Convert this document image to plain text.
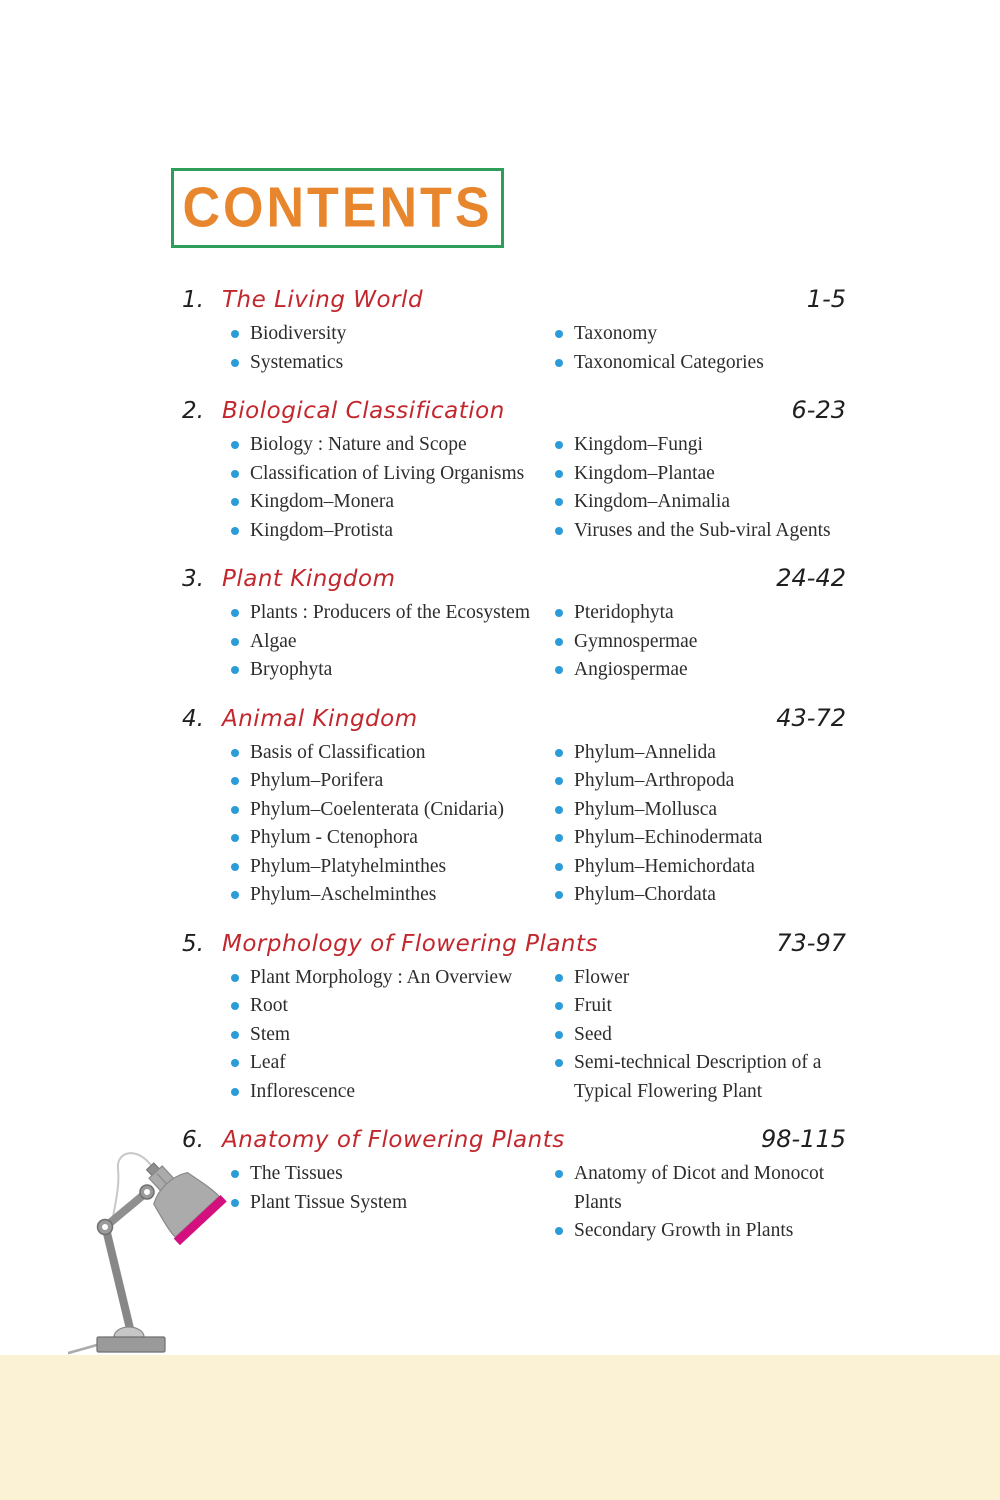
CONTENTS
1. The Living World	1-5
Biodiversity
Systematics
Taxonomy
Taxonomical Categories
2. Biological Classification	6-23
Biology : Nature and Scope
Classification of Living Organisms
Kingdom–Monera
Kingdom–Protista
Kingdom–Fungi
Kingdom–Plantae
Kingdom–Animalia
Viruses and the Sub-viral Agents
3. Plant Kingdom	24-42
Plants : Producers of the Ecosystem
Algae
Bryophyta
Pteridophyta
Gymnospermae
Angiospermae
4. Animal Kingdom	43-72
Basis of Classification
Phylum–Porifera
Phylum–Coelenterata (Cnidaria)
Phylum - Ctenophora
Phylum–Platyhelminthes
Phylum–Aschelminthes
Phylum–Annelida
Phylum–Arthropoda
Phylum–Mollusca
Phylum–Echinodermata
Phylum–Hemichordata
Phylum–Chordata
5. Morphology of Flowering Plants	73-97
Plant Morphology : An Overview
Root
Stem
Leaf
Inflorescence
Flower
Fruit
Seed
Semi-technical Description of a Typical Flowering Plant
6. Anatomy of Flowering Plants	98-115
The Tissues
Plant Tissue System
Anatomy of Dicot and Monocot Plants
Secondary Growth in Plants
